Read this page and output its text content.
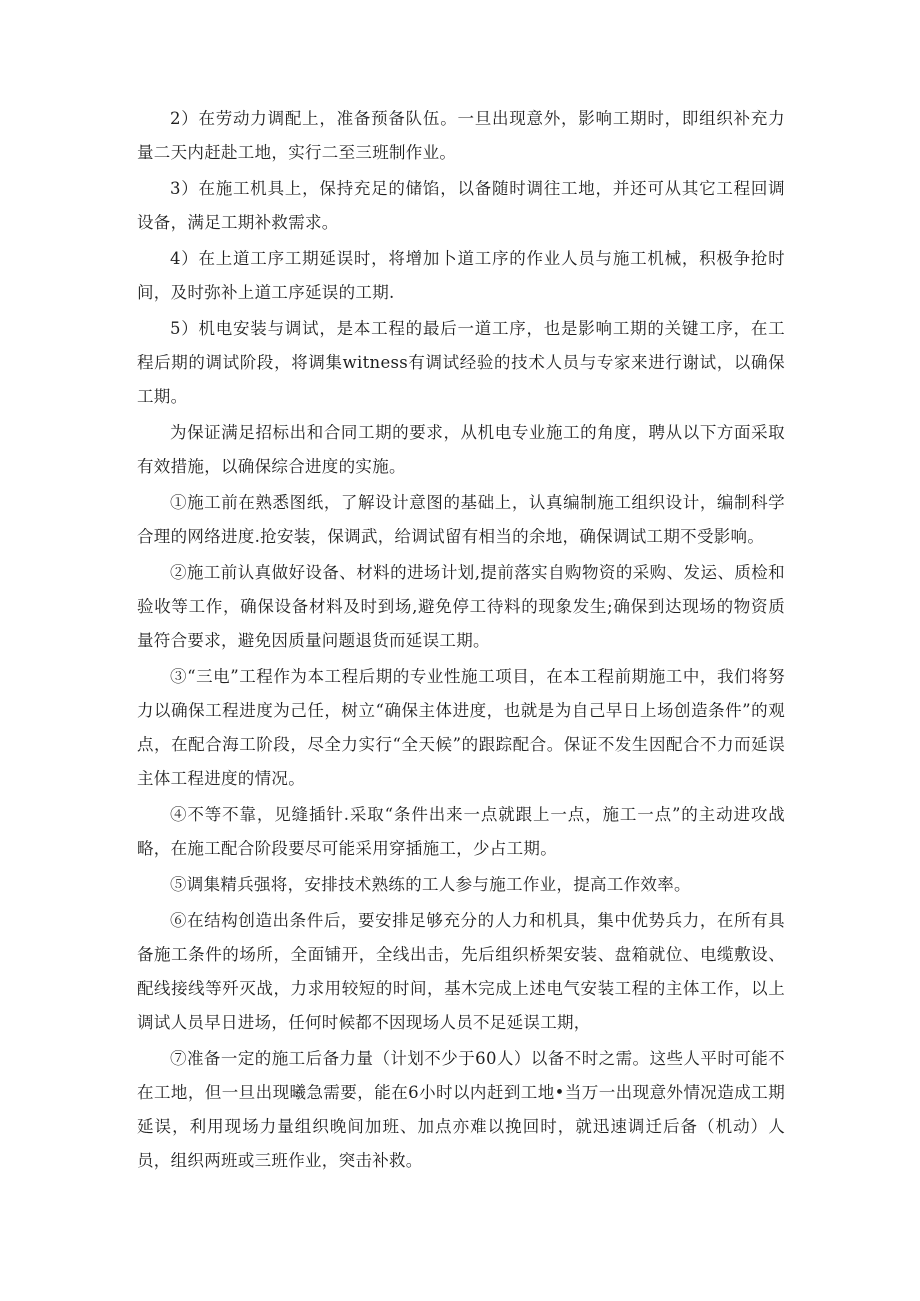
2）在劳动力调配上，准备预备队伍。一旦出现意外，影响工期时，即组织补充力量二天内赶赴工地，实行二至三班制作业。

3）在施工机具上，保持充足的储馅，以备随时调往工地，并还可从其它工程回调设备，满足工期补救需求。

4）在上道工序工期延误时，将增加卜道工序的作业人员与施工机械，积极争抢时间，及时弥补上道工序延误的工期.

5）机电安装与调试，是本工程的最后一道工序，也是影响工期的关键工序，在工程后期的调试阶段，将调集witness有调试经验的技术人员与专家来进行谢试，以确保工期。

为保证满足招标出和合同工期的要求，从机电专业施工的角度，聘从以下方面采取有效措施，以确保综合进度的实施。

①施工前在熟悉图纸，了解设计意图的基础上，认真编制施工组织设计，编制科学合理的网络进度.抢安装，保调武，给调试留有相当的余地，确保调试工期不受影响。

②施工前认真做好设备、材料的进场计划,提前落实自购物资的采购、发运、质检和验收等工作，确保设备材料及时到场,避免停工待料的现象发生;确保到达现场的物资质量符合要求，避免因质量问题退货而延误工期。

③“三电”工程作为本工程后期的专业性施工项目，在本工程前期施工中，我们将努力以确保工程进度为己任，树立“确保主体进度，也就是为自己早日上场创造条件”的观点，在配合海工阶段，尽全力实行“全天候”的跟踪配合。保证不发生因配合不力而延误主体工程进度的情况。

④不等不靠，见缝插针.采取“条件出来一点就跟上一点，施工一点”的主动进攻战略，在施工配合阶段要尽可能采用穿插施工，少占工期。

⑤调集精兵强将，安排技术熟练的工人参与施工作业，提高工作效率。

⑥在结构创造出条件后，要安排足够充分的人力和机具，集中优势兵力，在所有具备施工条件的场所，全面铺开，全线出击，先后组织桥架安装、盘箱就位、电缆敷设、配线接线等歼灭战，力求用较短的时间，基木完成上述电气安装工程的主体工作，以上调试人员早日进场，任何时候都不因现场人员不足延误工期，

⑦准备一定的施工后备力量（计划不少于60人）以备不时之需。这些人平时可能不在工地，但一旦出现曦急需要，能在6小时以内赶到工地•当万一出现意外情况造成工期延误，利用现场力量组织晚间加班、加点亦难以挽回时，就迅速调迁后备（机动）人员，组织两班或三班作业，突击补救。
